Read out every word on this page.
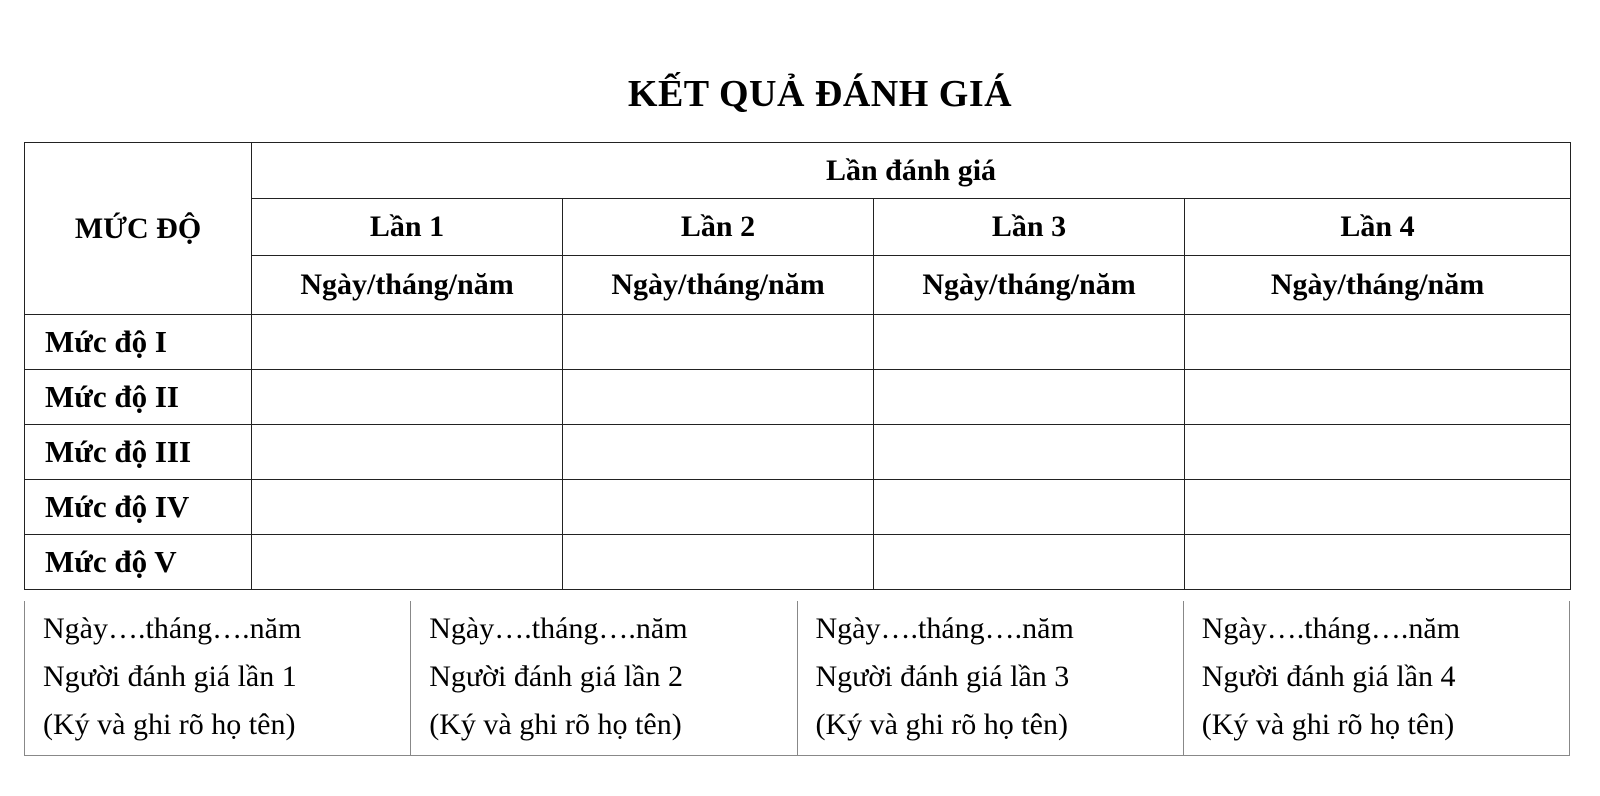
KẾT QUẢ ĐÁNH GIÁ
MỨC ĐỘ	Lần đánh giá			
	Lần 1	Lần 2	Lần 3	Lần 4
	Ngày/tháng/năm	Ngày/tháng/năm	Ngày/tháng/năm	Ngày/tháng/năm
Mức độ I				
Mức độ II				
Mức độ III				
Mức độ IV				
Mức độ V				
Ngày….tháng….năm
Người đánh giá lần 1
(Ký và ghi rõ họ tên)

Ngày….tháng….năm
Người đánh giá lần 2
(Ký và ghi rõ họ tên)

Ngày….tháng….năm
Người đánh giá lần 3
(Ký và ghi rõ họ tên)

Ngày….tháng….năm
Người đánh giá lần 4
(Ký và ghi rõ họ tên)
